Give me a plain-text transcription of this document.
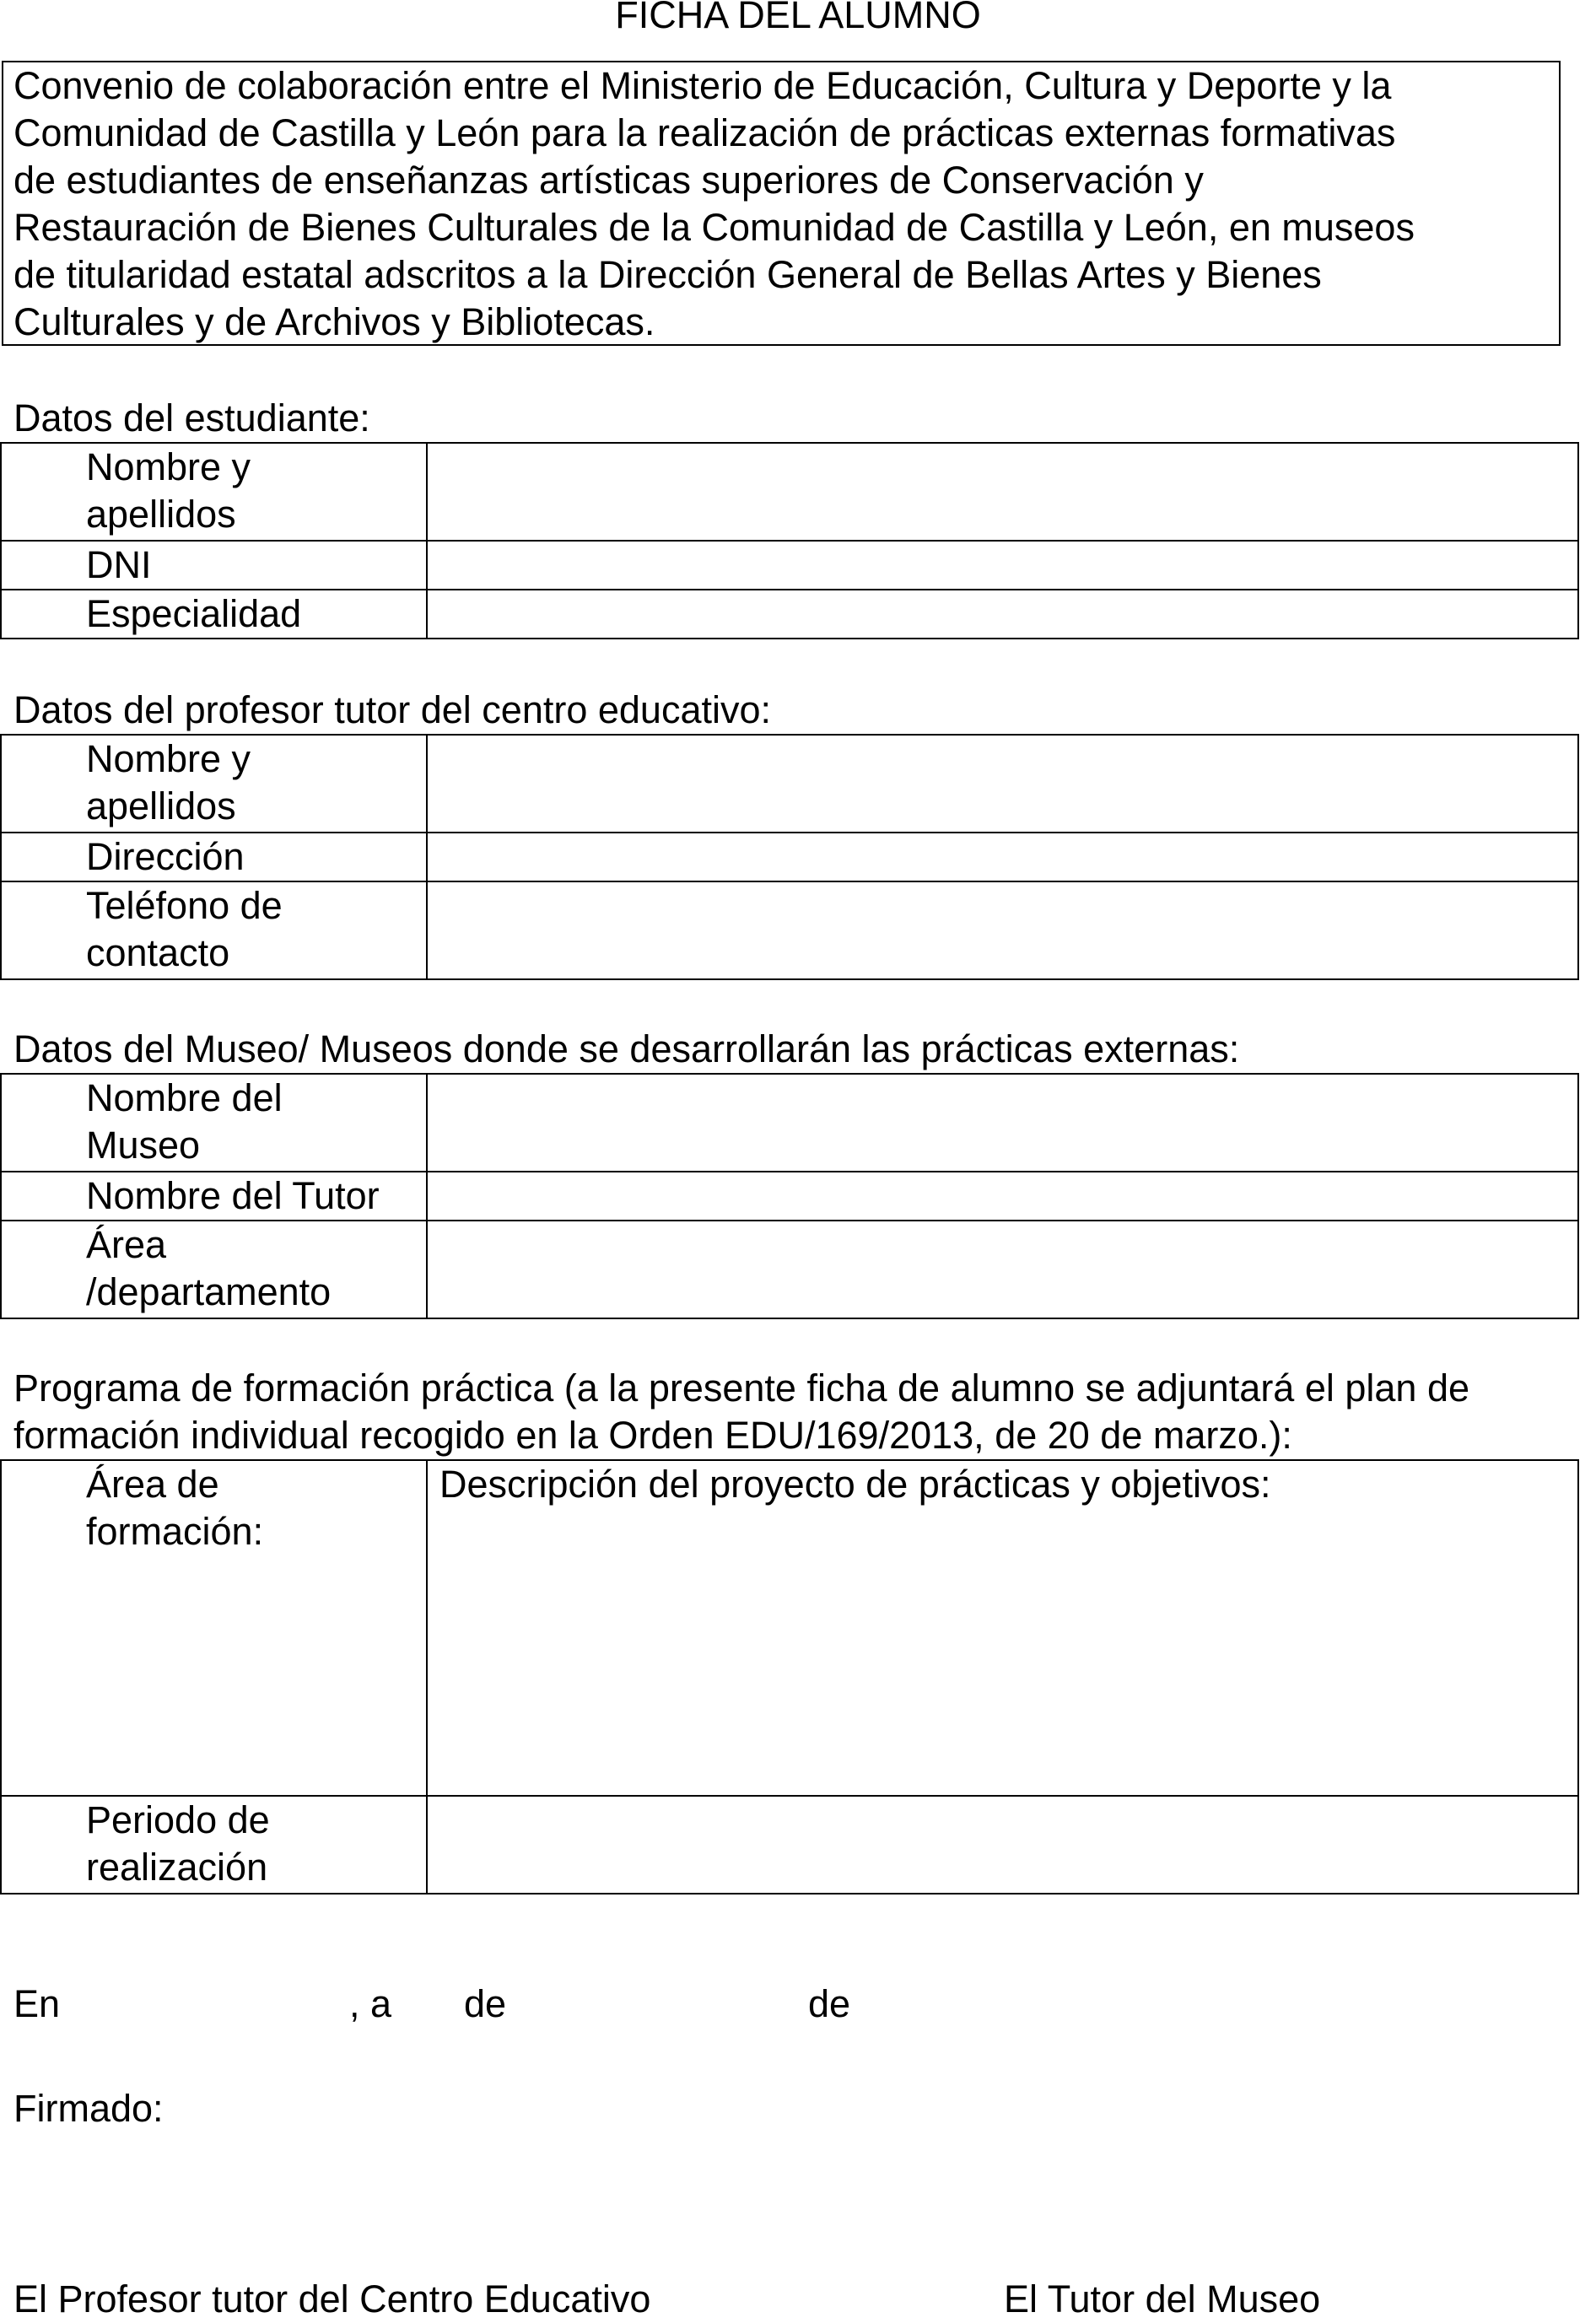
FICHA DEL ALUMNO
Convenio de colaboración entre el Ministerio de Educación, Cultura y Deporte y la
Comunidad de Castilla y León para la realización de prácticas externas formativas
de estudiantes de enseñanzas artísticas superiores de Conservación y
Restauración de Bienes Culturales de la Comunidad de Castilla y León, en museos
de titularidad estatal adscritos a la Dirección General de Bellas Artes y Bienes
Culturales y de Archivos y Bibliotecas.
Datos del estudiante:
Nombre y
apellidos	

DNI	

Especialidad	

Datos del profesor tutor del centro educativo:
Nombre y
apellidos	

Dirección	

Teléfono de
contacto	

Datos del Museo/ Museos donde se desarrollarán las prácticas externas:
Nombre del
Museo	

Nombre del Tutor	

Área
/departamento	

Programa de formación práctica (a la presente ficha de alumno se adjuntará el plan de
formación individual recogido en la Orden EDU/169/2013, de 20 de marzo.):
Área de
formación:	Descripción del proyecto de prácticas y objetivos:

Periodo de
realización	

En	, a de	de
Firmado:
El Profesor tutor del Centro Educativo	El Tutor del Museo
